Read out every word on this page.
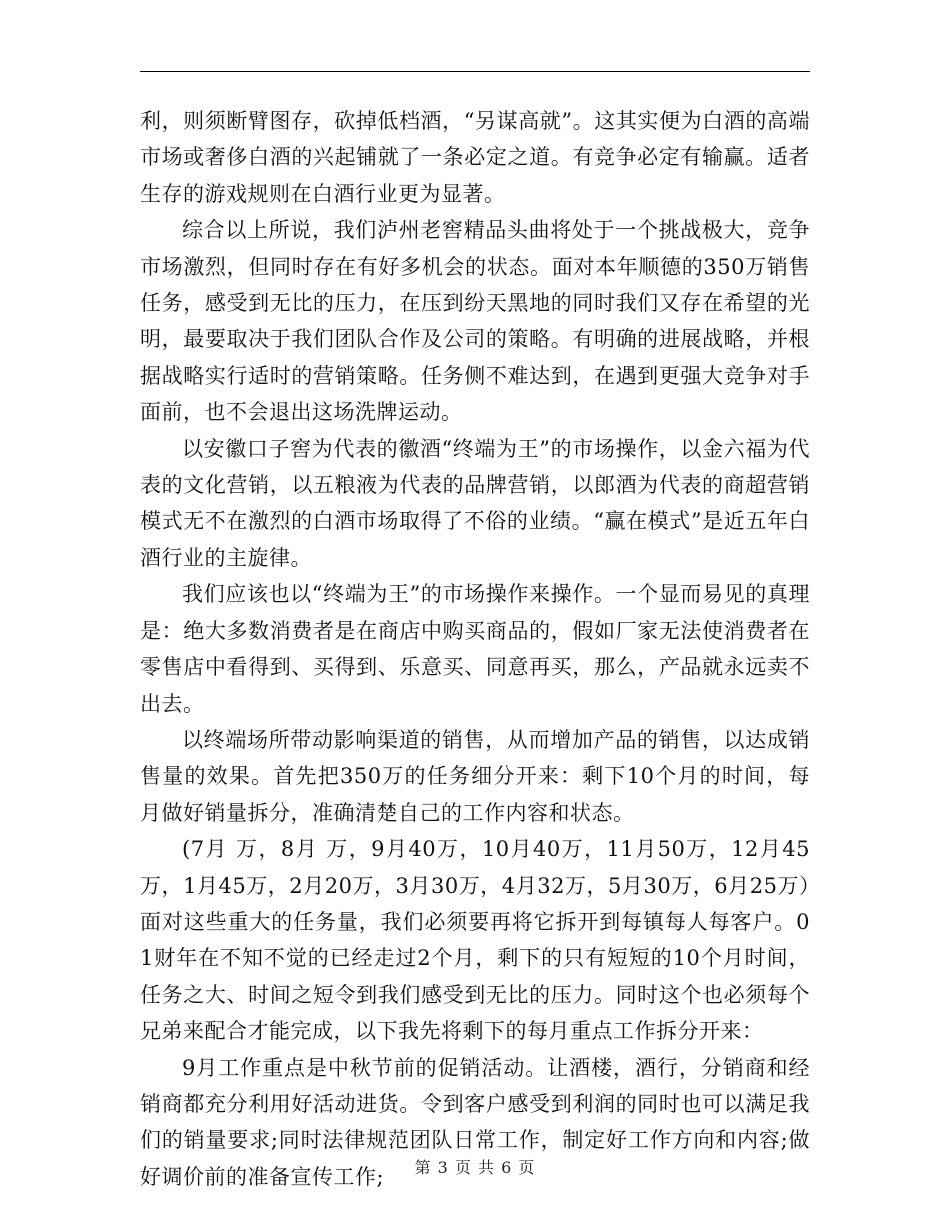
利，则须断臂图存，砍掉低档酒，“另谋高就”。这其实便为白酒的高端市场或奢侈白酒的兴起铺就了一条必定之道。有竞争必定有输赢。适者生存的游戏规则在白酒行业更为显著。

综合以上所说，我们泸州老窖精品头曲将处于一个挑战极大，竞争市场激烈，但同时存在有好多机会的状态。面对本年顺德的350万销售任务，感受到无比的压力，在压到纷天黑地的同时我们又存在希望的光明，最要取决于我们团队合作及公司的策略。有明确的进展战略，并根据战略实行适时的营销策略。任务侧不难达到，在遇到更强大竞争对手面前，也不会退出这场洗牌运动。

以安徽口子窖为代表的徽酒“终端为王”的市场操作，以金六福为代表的文化营销，以五粮液为代表的品牌营销，以郎酒为代表的商超营销模式无不在激烈的白酒市场取得了不俗的业绩。“赢在模式”是近五年白酒行业的主旋律。

我们应该也以“终端为王”的市场操作来操作。一个显而易见的真理是：绝大多数消费者是在商店中购买商品的，假如厂家无法使消费者在零售店中看得到、买得到、乐意买、同意再买，那么，产品就永远卖不出去。

以终端场所带动影响渠道的销售，从而增加产品的销售，以达成销售量的效果。首先把350万的任务细分开来：剩下10个月的时间，每月做好销量拆分，准确清楚自己的工作内容和状态。

(7月 万，8月 万，9月40万，10月40万，11月50万，12月45万，1月45万，2月20万，3月30万，4月32万，5月30万，6月25万）面对这些重大的任务量，我们必须要再将它拆开到每镇每人每客户。01财年在不知不觉的已经走过2个月，剩下的只有短短的10个月时间，任务之大、时间之短令到我们感受到无比的压力。同时这个也必须每个兄弟来配合才能完成，以下我先将剩下的每月重点工作拆分开来：

9月工作重点是中秋节前的促销活动。让酒楼，酒行，分销商和经销商都充分利用好活动进货。令到客户感受到利润的同时也可以满足我们的销量要求;同时法律规范团队日常工作，制定好工作方向和内容;做好调价前的准备宣传工作;	第 3 页 共 6 页
